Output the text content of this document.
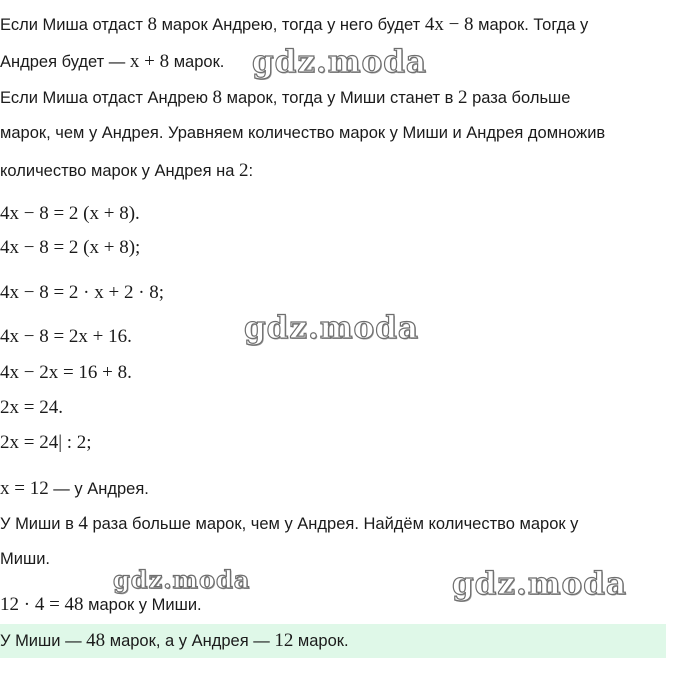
Если Миша отдаст 8 марок Андрею, тогда у него будет 4x − 8 марок. Тогда у
Андрея будет — x + 8 марок.
Если Миша отдаст Андрею 8 марок, тогда у Миши станет в 2 раза больше
марок, чем у Андрея. Уравняем количество марок у Миши и Андрея домножив
количество марок у Андрея на 2:
4x − 8 = 2 (x + 8).
4x − 8 = 2 (x + 8);
4x − 8 = 2 · x + 2 · 8;
4x − 8 = 2x + 16.
4x − 2x = 16 + 8.
2x = 24.
2x = 24| : 2;
x = 12 — у Андрея.
У Миши в 4 раза больше марок, чем у Андрея. Найдём количество марок у
Миши.
12 · 4 = 48 марок у Миши.
У Миши — 48 марок, а у Андрея — 12 марок.
gdz.moda
gdz.moda
gdz.moda	gdz.moda
